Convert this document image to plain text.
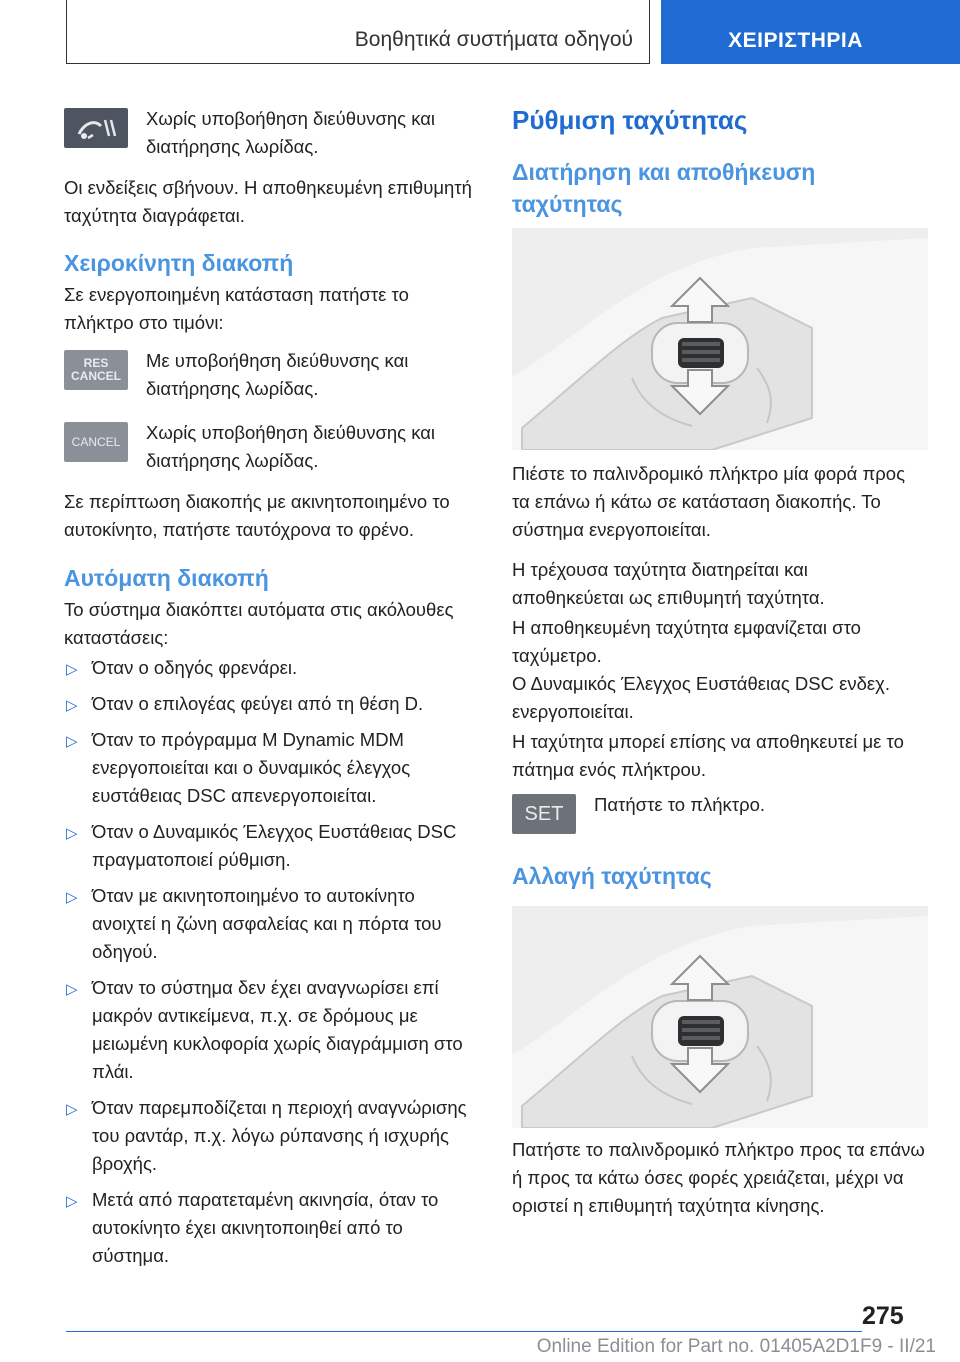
Βοηθητικά συστήματα οδηγού	ΧΕΙΡΙΣΤΗΡΙΑ

Χωρίς υποβοήθηση διεύθυνσης και διατήρησης λωρίδας.

Οι ενδείξεις σβήνουν. Η αποθηκευμένη επιθυμητή ταχύτητα διαγράφεται.

Χειροκίνητη διακοπή

Σε ενεργοποιημένη κατάσταση πατήστε το πλήκτρο στο τιμόνι:

RES
CANCEL

Με υποβοήθηση διεύθυνσης και διατήρησης λωρίδας.

CANCEL Χωρίς υποβοήθηση διεύθυνσης και διατήρησης λωρίδας.

Σε περίπτωση διακοπής με ακινητοποιημένο το αυτοκίνητο, πατήστε ταυτόχρονα το φρένο.

Αυτόματη διακοπή

Το σύστημα διακόπτει αυτόματα στις ακόλουθες καταστάσεις:

▷ Όταν ο οδηγός φρενάρει.
▷ Όταν ο επιλογέας φεύγει από τη θέση D.
▷ Όταν το πρόγραμμα M Dynamic MDM ενεργοποιείται και ο δυναμικός έλεγχος ευστάθειας DSC απενεργοποιείται.
▷ Όταν ο Δυναμικός Έλεγχος Ευστάθειας DSC πραγματοποιεί ρύθμιση.
▷ Όταν με ακινητοποιημένο το αυτοκίνητο ανοιχτεί η ζώνη ασφαλείας και η πόρτα του οδηγού.
▷ Όταν το σύστημα δεν έχει αναγνωρίσει επί μακρόν αντικείμενα, π.χ. σε δρόμους με μειωμένη κυκλοφορία χωρίς διαγράμμιση στο πλάι.
▷ Όταν παρεμποδίζεται η περιοχή αναγνώρισης του ραντάρ, π.χ. λόγω ρύπανσης ή ισχυρής βροχής.
▷ Μετά από παρατεταμένη ακινησία, όταν το αυτοκίνητο έχει ακινητοποιηθεί από το σύστημα.
Ρύθμιση ταχύτητας
Διατήρηση και αποθήκευση ταχύτητας

Πιέστε το παλινδρομικό πλήκτρο μία φορά προς τα επάνω ή κάτω σε κατάσταση διακοπής. Το σύστημα ενεργοποιείται.

Η τρέχουσα ταχύτητα διατηρείται και αποθηκεύεται ως επιθυμητή ταχύτητα.

Η αποθηκευμένη ταχύτητα εμφανίζεται στο ταχύμετρο.

Ο Δυναμικός Έλεγχος Ευστάθειας DSC ενδεχ. ενεργοποιείται.

Η ταχύτητα μπορεί επίσης να αποθηκευτεί με το πάτημα ενός πλήκτρου.

SET Πατήστε το πλήκτρο.

Αλλαγή ταχύτητας

Πατήστε το παλινδρομικό πλήκτρο προς τα επάνω ή προς τα κάτω όσες φορές χρειάζεται, μέχρι να οριστεί η επιθυμητή ταχύτητα κίνησης.

275
Online Edition for Part no. 01405A2D1F9 - II/21
